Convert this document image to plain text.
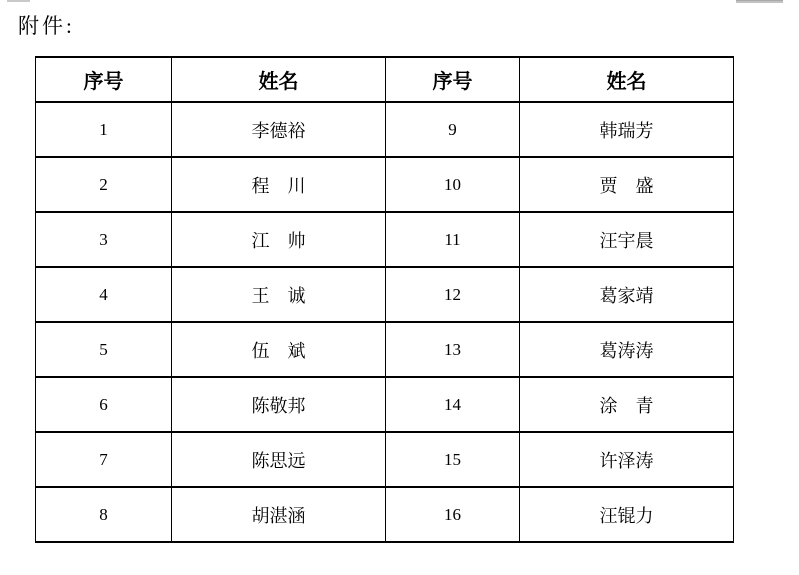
附件:
序号	姓名	序号	姓名
1	李德裕	9	韩瑞芳
2	程　川	10	贾　盛
3	江　帅	11	汪宇晨
4	王　诚	12	葛家靖
5	伍　斌	13	葛涛涛
6	陈敬邦	14	涂　青
7	陈思远	15	许泽涛
8	胡湛涵	16	汪锟力
